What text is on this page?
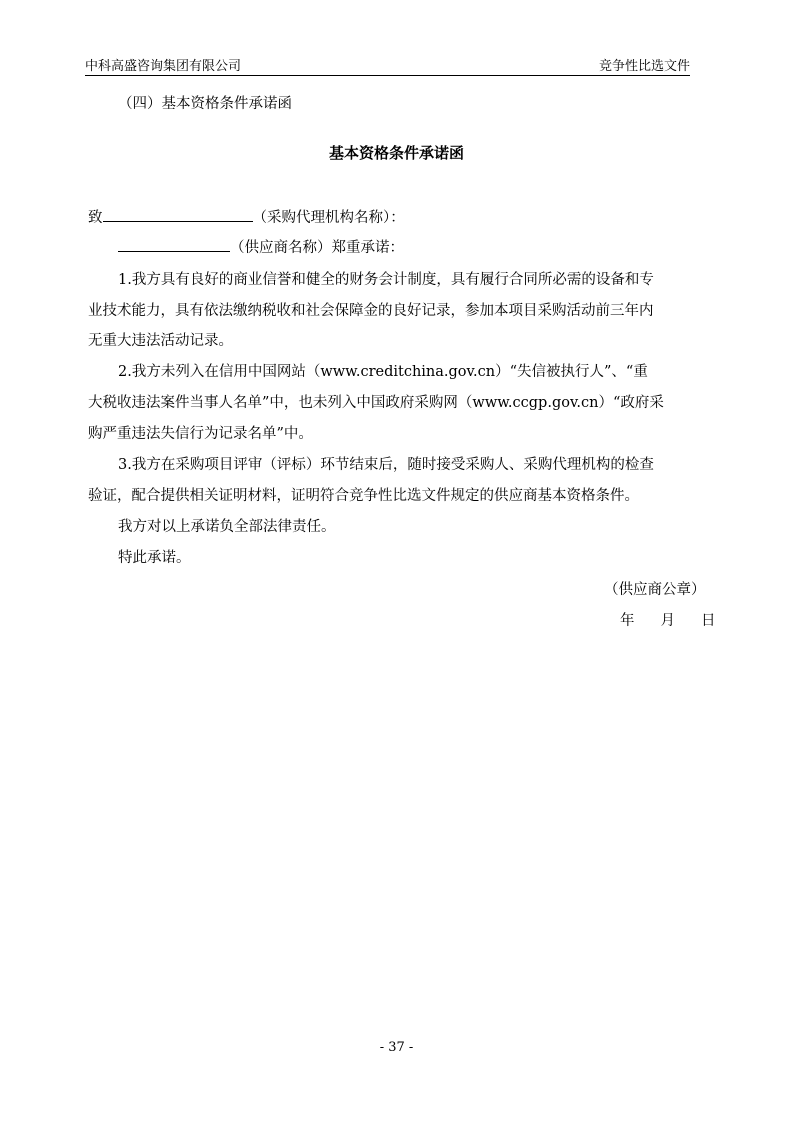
中科高盛咨询集团有限公司	竞争性比选文件
（四）基本资格条件承诺函
基本资格条件承诺函
致	（采购代理机构名称）：
（供应商名称）郑重承诺：
1.我方具有良好的商业信誉和健全的财务会计制度，具有履行合同所必需的设备和专
业技术能力，具有依法缴纳税收和社会保障金的良好记录，参加本项目采购活动前三年内
无重大违法活动记录。
2.我方未列入在信用中国网站（www.creditchina.gov.cn）“失信被执行人”、“重
大税收违法案件当事人名单”中，也未列入中国政府采购网（www.ccgp.gov.cn）“政府采
购严重违法失信行为记录名单”中。
3.我方在采购项目评审（评标）环节结束后，随时接受采购人、采购代理机构的检查
验证，配合提供相关证明材料，证明符合竞争性比选文件规定的供应商基本资格条件。
我方对以上承诺负全部法律责任。
特此承诺。
（供应商公章）
年 月 日
- 37 -
